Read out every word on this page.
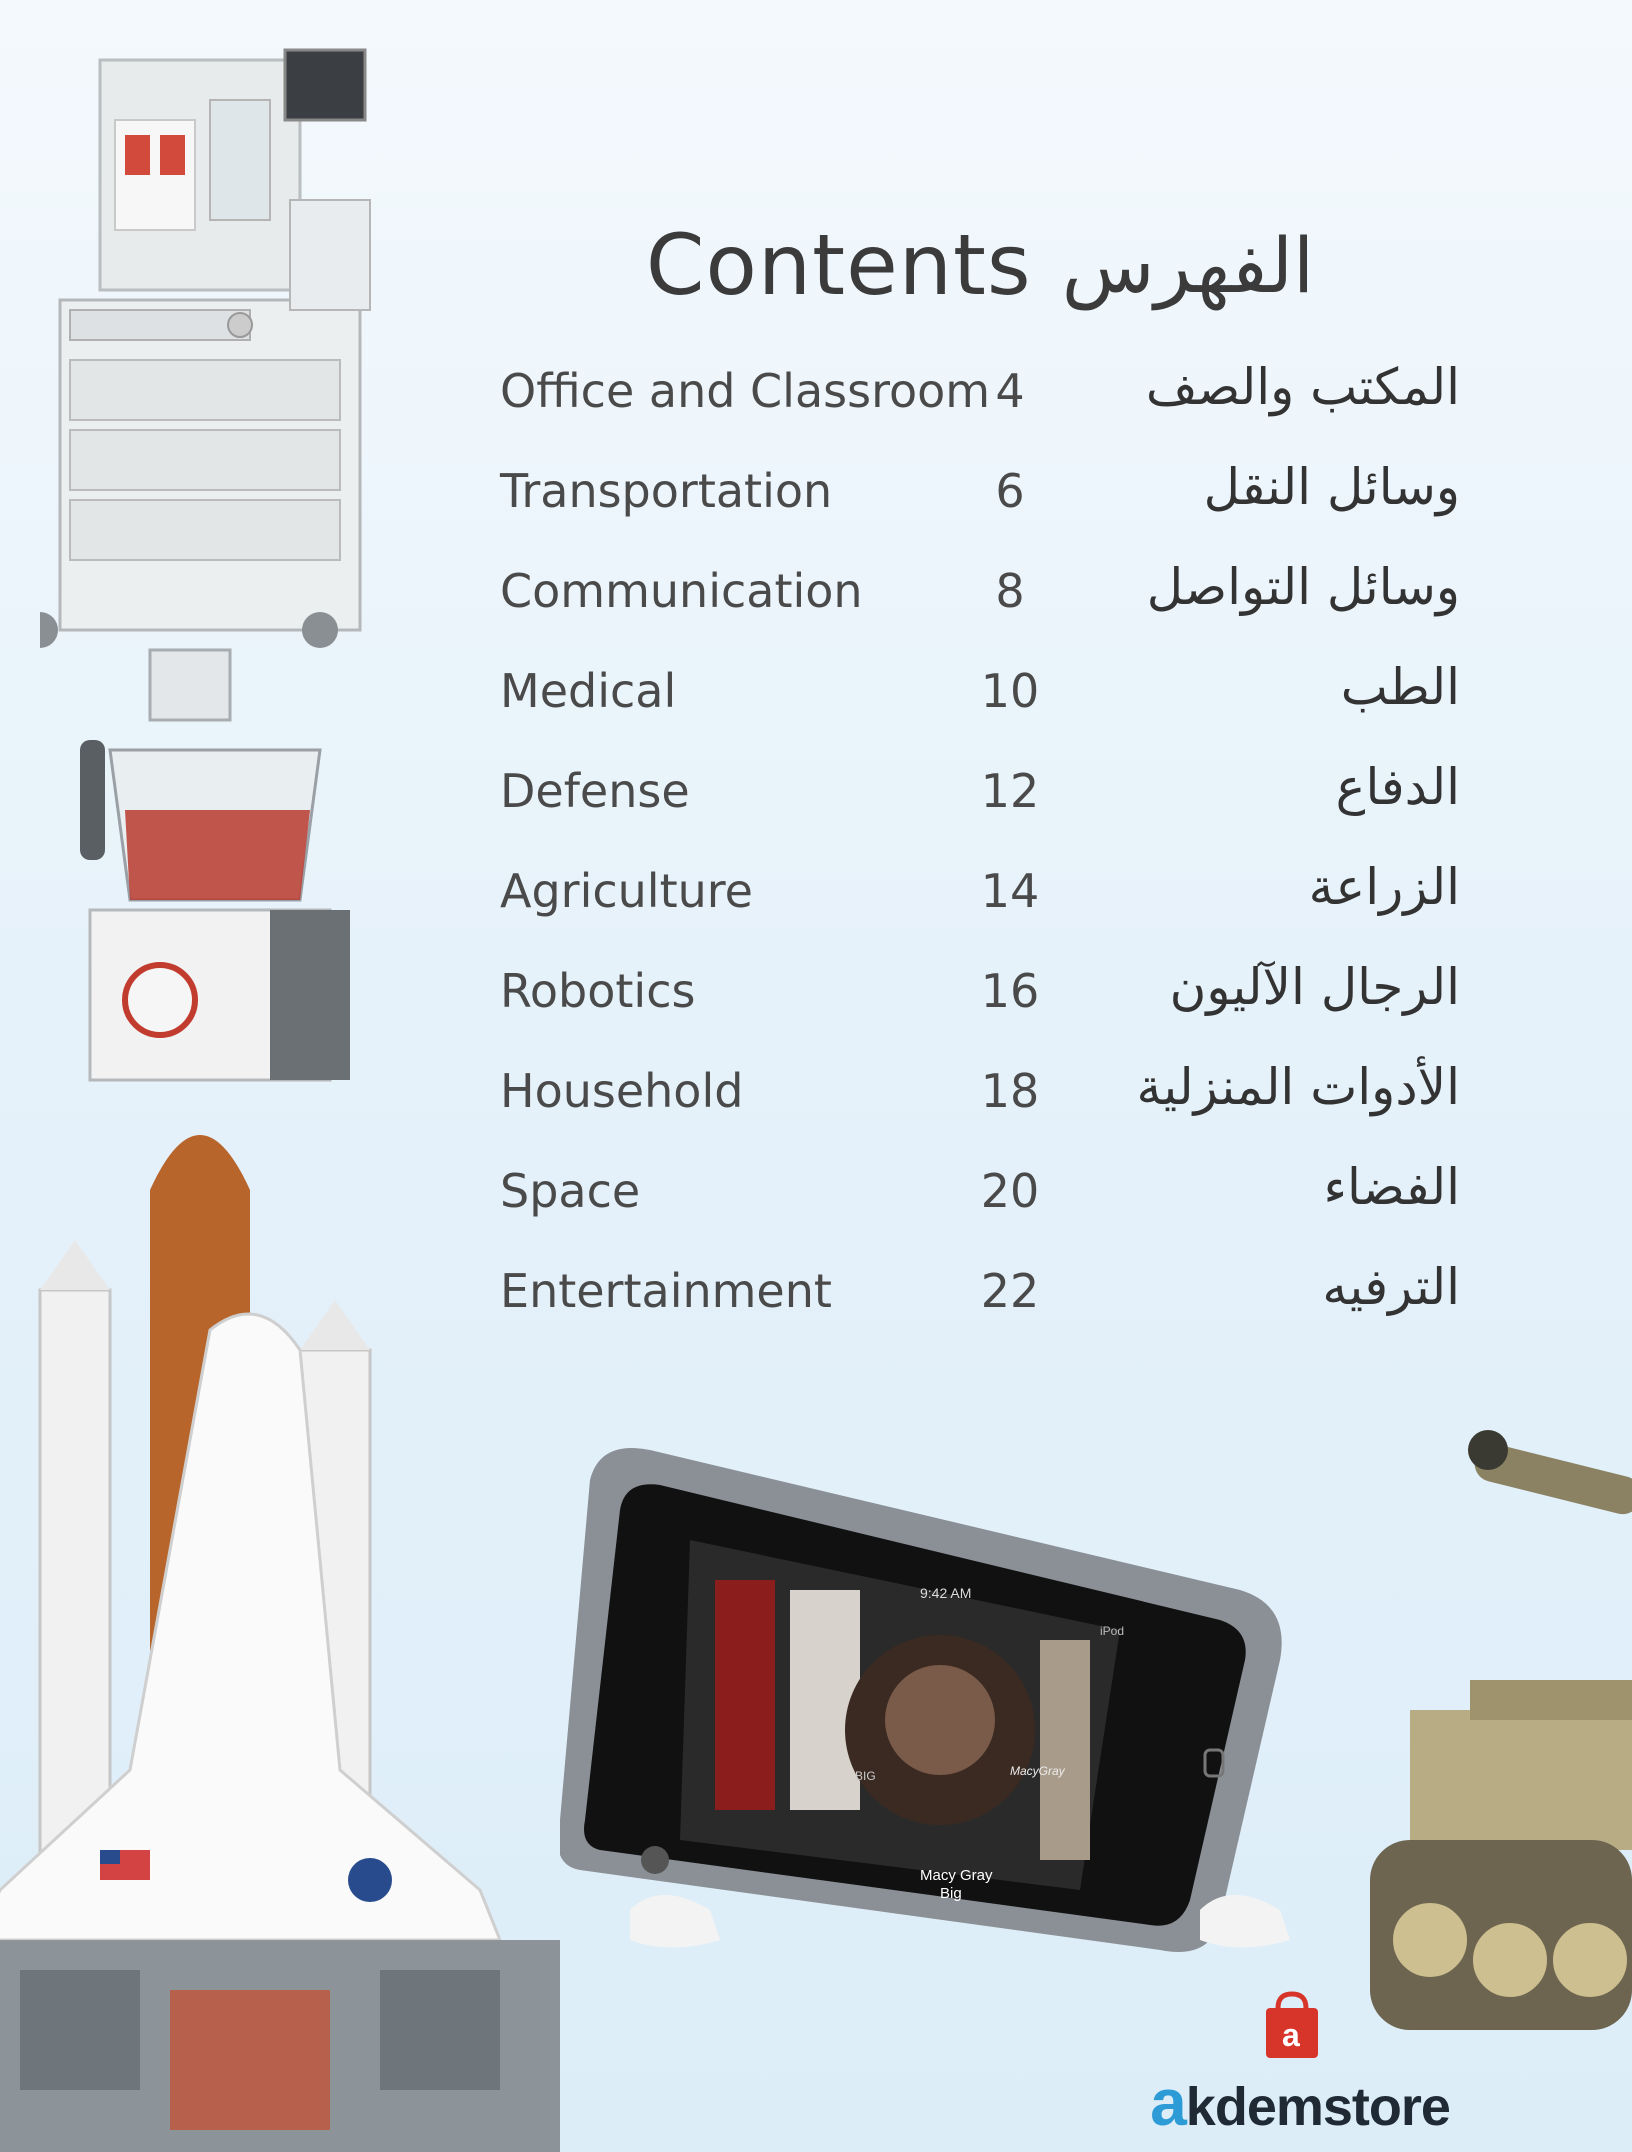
Contents الفهرس
Office and Classroom 4	المكتب والصف
Transportation	6	وسائل النقل
Communication	8	وسائل التواصل
Medical	10	الطب
Defense	12	الدفاع
Agriculture	14	الزراعة
Robotics	16	الرجال الآليون
Household	18 الأدوات المنزلية
Space	20	الفضاء
Entertainment	22	الترفيه
9:42 AM
iPod
BIG	MacyGray
Macy Gray
Big
a
akdemstore
